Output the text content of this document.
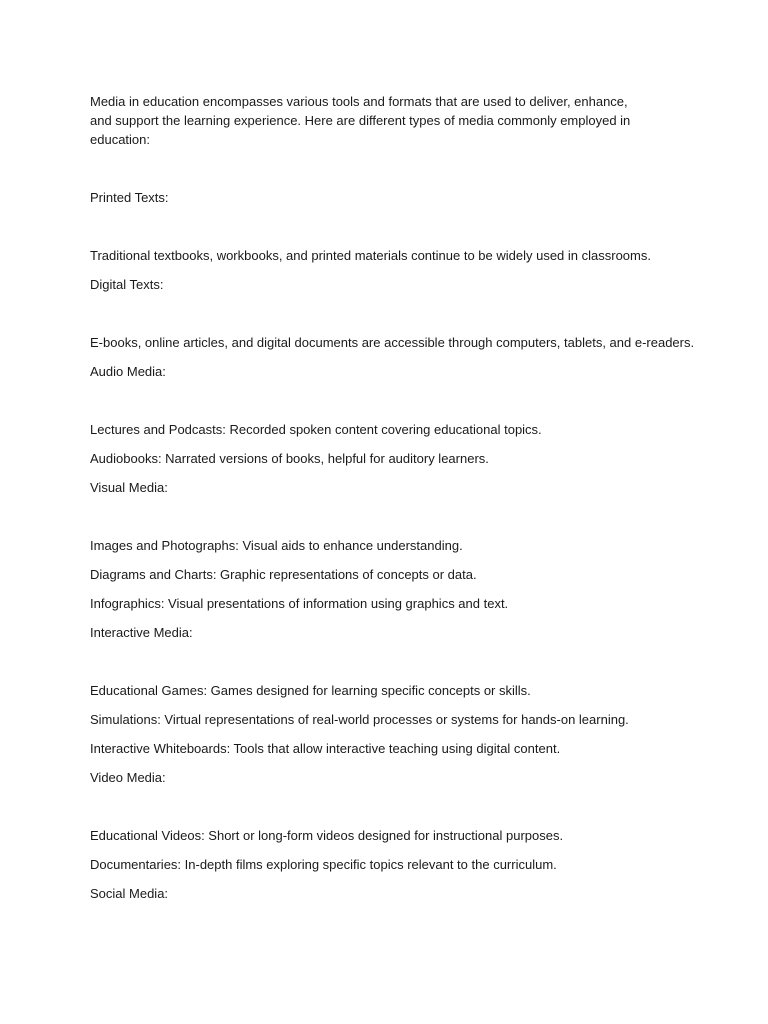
Media in education encompasses various tools and formats that are used to deliver, enhance, and support the learning experience. Here are different types of media commonly employed in education:

Printed Texts:

Traditional textbooks, workbooks, and printed materials continue to be widely used in classrooms.

Digital Texts:

E-books, online articles, and digital documents are accessible through computers, tablets, and e-readers.

Audio Media:

Lectures and Podcasts: Recorded spoken content covering educational topics.

Audiobooks: Narrated versions of books, helpful for auditory learners.

Visual Media:

Images and Photographs: Visual aids to enhance understanding.

Diagrams and Charts: Graphic representations of concepts or data.

Infographics: Visual presentations of information using graphics and text.

Interactive Media:

Educational Games: Games designed for learning specific concepts or skills.

Simulations: Virtual representations of real-world processes or systems for hands-on learning.

Interactive Whiteboards: Tools that allow interactive teaching using digital content.

Video Media:

Educational Videos: Short or long-form videos designed for instructional purposes.

Documentaries: In-depth films exploring specific topics relevant to the curriculum.

Social Media:
